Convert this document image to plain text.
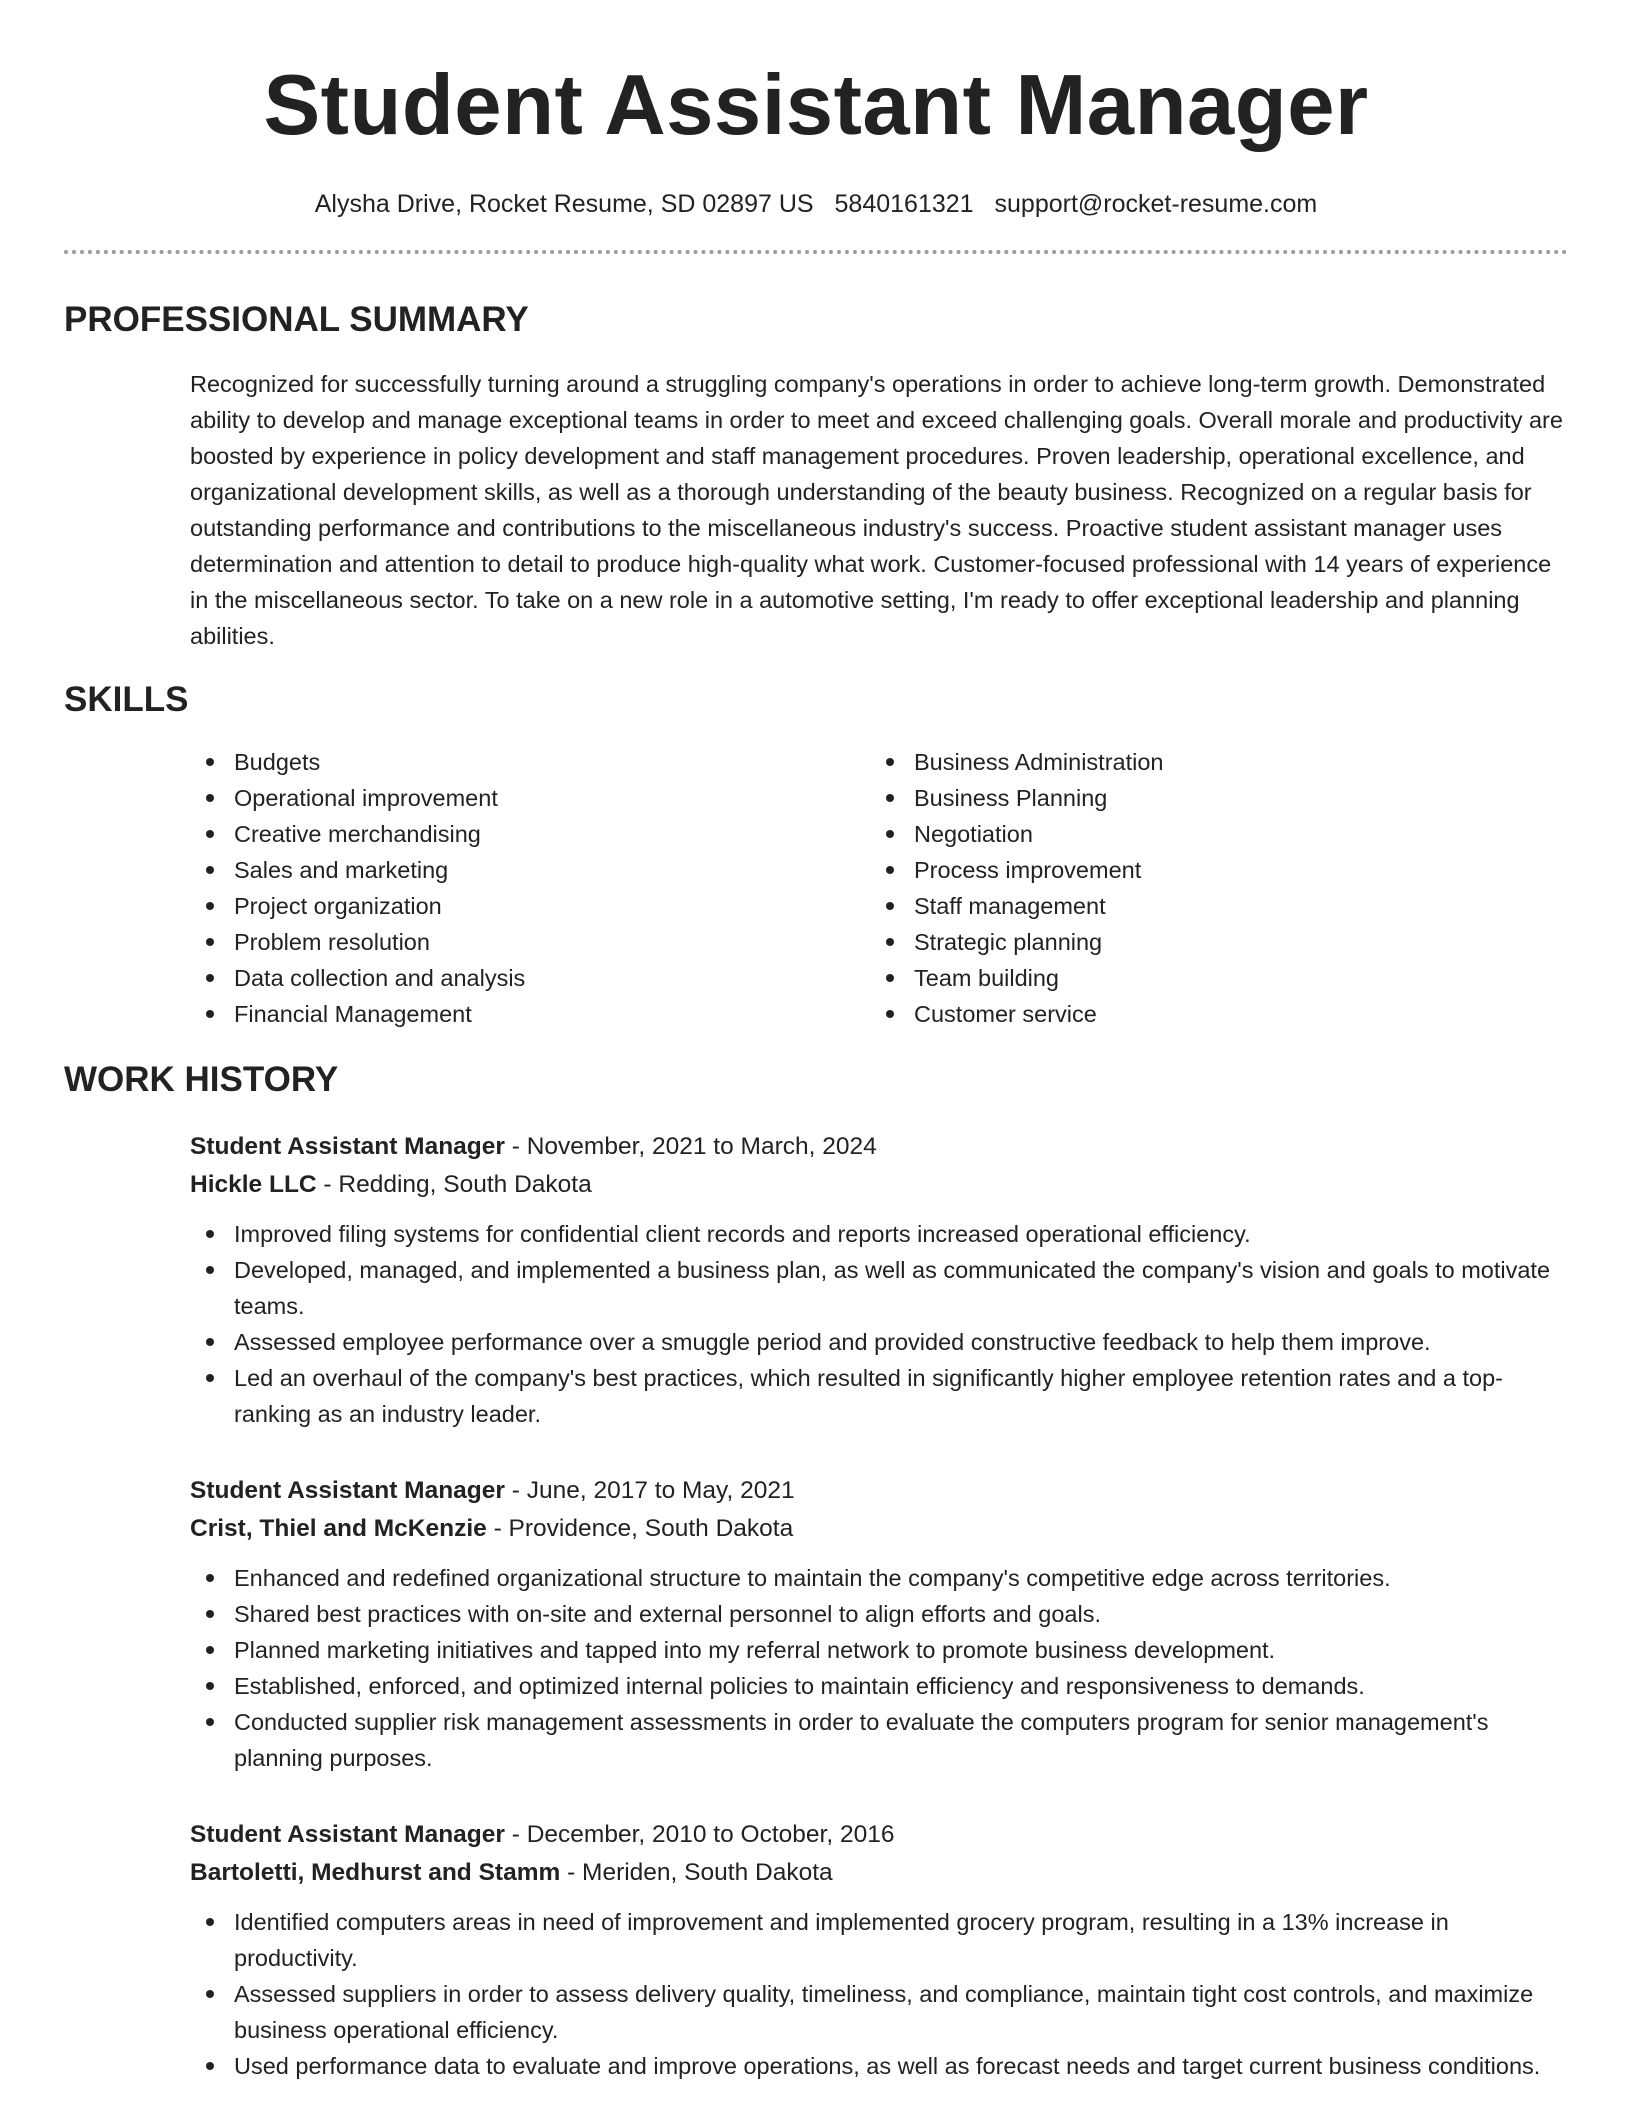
Student Assistant Manager
Alysha Drive, Rocket Resume, SD 02897 US 5840161321 support@rocket-resume.com
PROFESSIONAL SUMMARY

Recognized for successfully turning around a struggling company's operations in order to achieve long-term growth. Demonstrated ability to develop and manage exceptional teams in order to meet and exceed challenging goals. Overall morale and productivity are boosted by experience in policy development and staff management procedures. Proven leadership, operational excellence, and organizational development skills, as well as a thorough understanding of the beauty business. Recognized on a regular basis for outstanding performance and contributions to the miscellaneous industry's success. Proactive student assistant manager uses determination and attention to detail to produce high-quality what work. Customer-focused professional with 14 years of experience in the miscellaneous sector. To take on a new role in a automotive setting, I'm ready to offer exceptional leadership and planning abilities.

SKILLS
Budgets
Operational improvement
Creative merchandising
Sales and marketing
Project organization
Problem resolution
Data collection and analysis
Financial Management
Business Administration
Business Planning
Negotiation
Process improvement
Staff management
Strategic planning
Team building
Customer service
WORK HISTORY
Student Assistant Manager - November, 2021 to March, 2024
Hickle LLC - Redding, South Dakota
Improved filing systems for confidential client records and reports increased operational efficiency.
Developed, managed, and implemented a business plan, as well as communicated the company's vision and goals to motivate teams.
Assessed employee performance over a smuggle period and provided constructive feedback to help them improve.
Led an overhaul of the company's best practices, which resulted in significantly higher employee retention rates and a top-ranking as an industry leader.
Student Assistant Manager - June, 2017 to May, 2021
Crist, Thiel and McKenzie - Providence, South Dakota
Enhanced and redefined organizational structure to maintain the company's competitive edge across territories.
Shared best practices with on-site and external personnel to align efforts and goals.
Planned marketing initiatives and tapped into my referral network to promote business development.
Established, enforced, and optimized internal policies to maintain efficiency and responsiveness to demands.
Conducted supplier risk management assessments in order to evaluate the computers program for senior management's planning purposes.
Student Assistant Manager - December, 2010 to October, 2016
Bartoletti, Medhurst and Stamm - Meriden, South Dakota
Identified computers areas in need of improvement and implemented grocery program, resulting in a 13% increase in productivity.
Assessed suppliers in order to assess delivery quality, timeliness, and compliance, maintain tight cost controls, and maximize business operational efficiency.
Used performance data to evaluate and improve operations, as well as forecast needs and target current business conditions.
